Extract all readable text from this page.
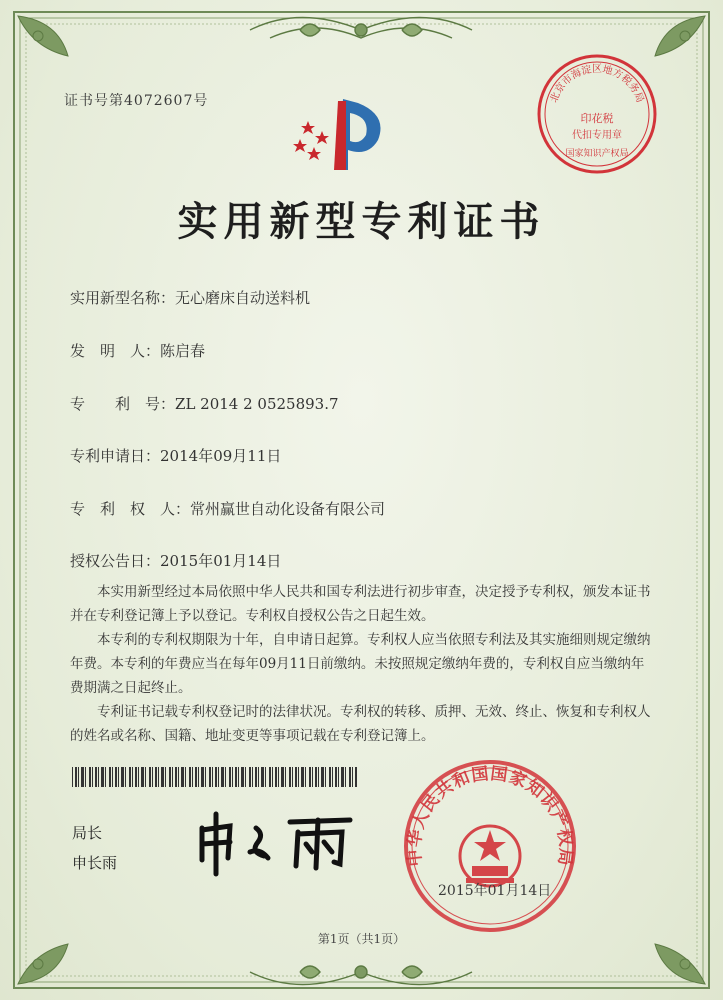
证书号第4072607号	北京市海淀区地方税务局
印花税
代扣专用章
国家知识产权局
实用新型专利证书
实用新型名称：无心磨床自动送料机
发　明　人：陈启春
专　　利　号：ZL 2014 2 0525893.7
专利申请日：2014年09月11日
专　利　权　人：常州赢世自动化设备有限公司
授权公告日：2015年01月14日

本实用新型经过本局依照中华人民共和国专利法进行初步审查，决定授予专利权，颁发本证书并在专利登记簿上予以登记。专利权自授权公告之日起生效。

本专利的专利权期限为十年，自申请日起算。专利权人应当依照专利法及其实施细则规定缴纳年费。本专利的年费应当在每年09月11日前缴纳。未按照规定缴纳年费的，专利权自应当缴纳年费期满之日起终止。

专利证书记载专利权登记时的法律状况。专利权的转移、质押、无效、终止、恢复和专利权人的姓名或名称、国籍、地址变更等事项记载在专利登记簿上。

局长
申长雨	中华人民共和国国家知识产权局
2015年01月14日
第1页（共1页）
